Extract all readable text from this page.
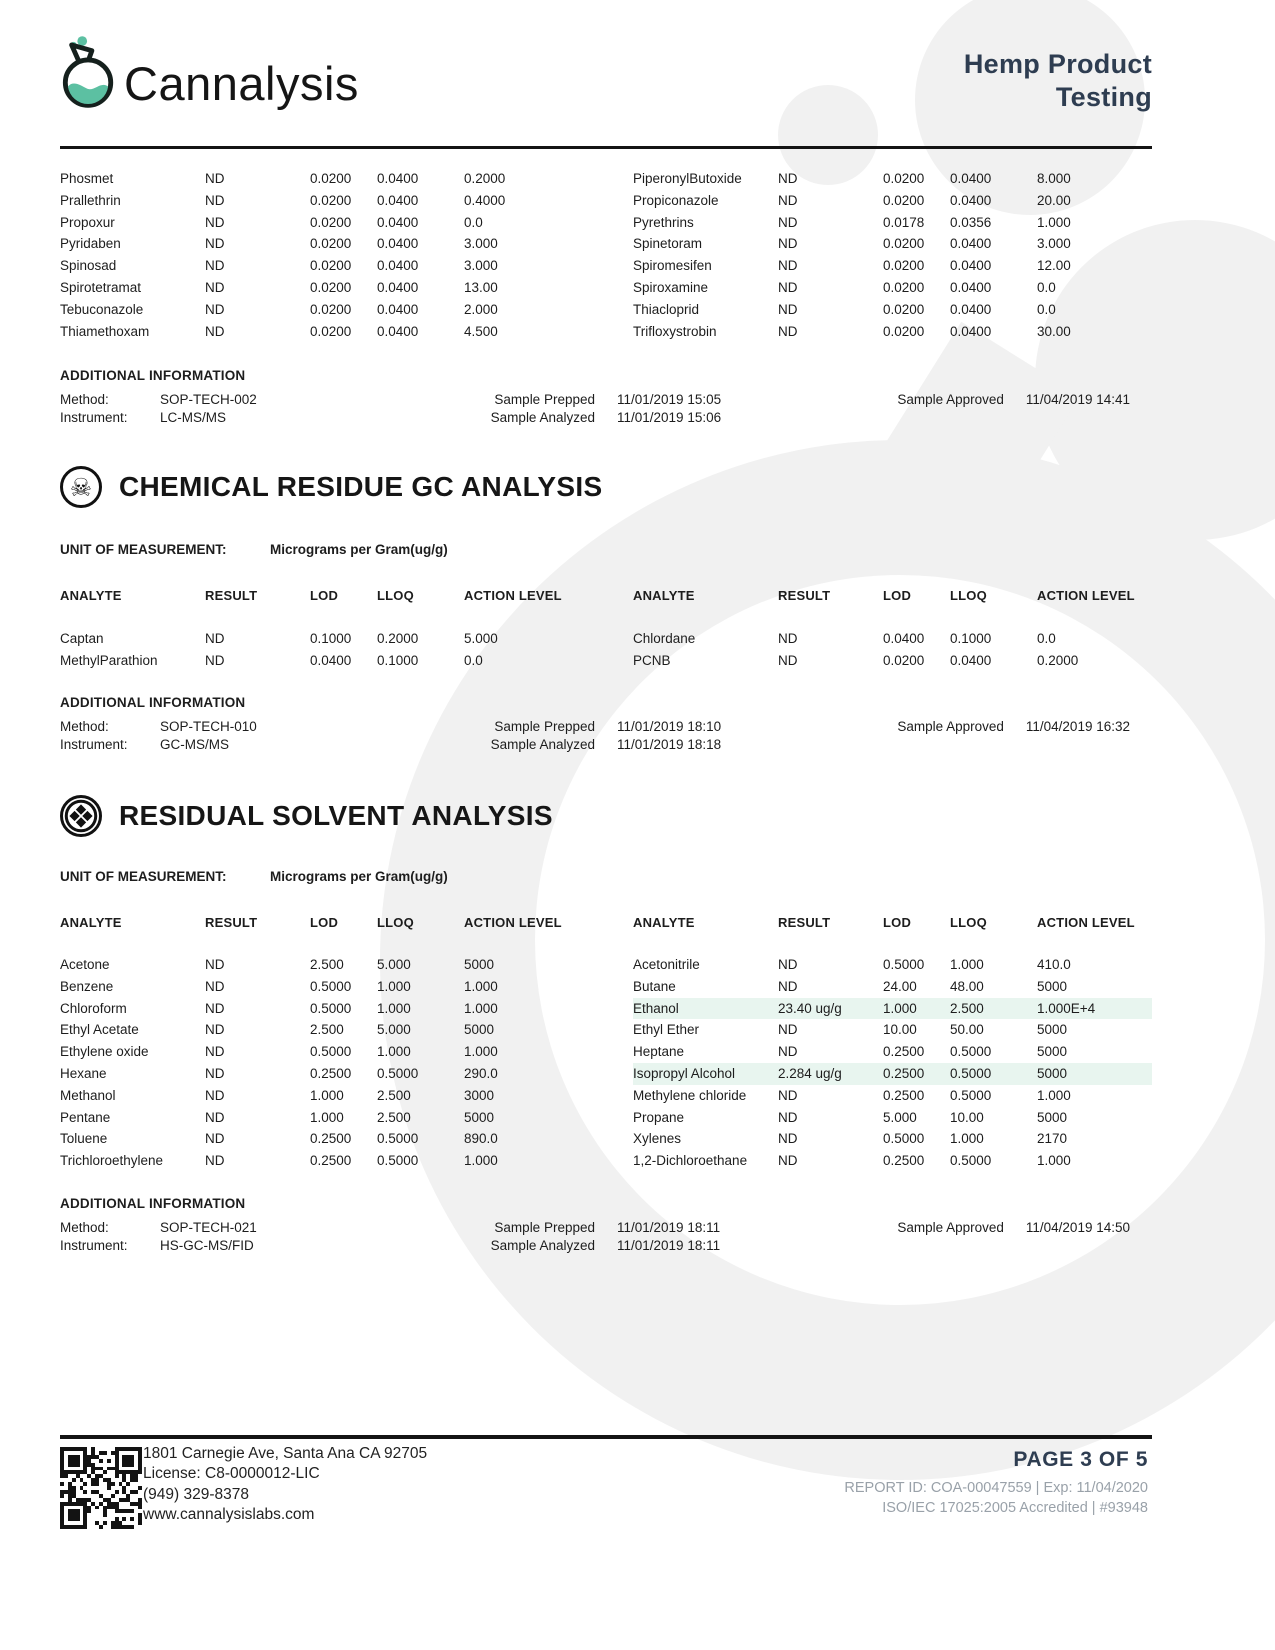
Cannalysis	Hemp Product
Testing
Phosmet	ND	0.0200	0.0400	0.2000
Prallethrin	ND	0.0200	0.0400	0.4000
Propoxur	ND	0.0200	0.0400	0.0
Pyridaben	ND	0.0200	0.0400	3.000
Spinosad	ND	0.0200	0.0400	3.000
Spirotetramat	ND	0.0200	0.0400	13.00
Tebuconazole	ND	0.0200	0.0400	2.000
Thiamethoxam	ND	0.0200	0.0400	4.500
PiperonylButoxide	ND	0.0200	0.0400	8.000
Propiconazole	ND	0.0200	0.0400	20.00
Pyrethrins	ND	0.0178	0.0356	1.000
Spinetoram	ND	0.0200	0.0400	3.000
Spiromesifen	ND	0.0200	0.0400	12.00
Spiroxamine	ND	0.0200	0.0400	0.0
Thiacloprid	ND	0.0200	0.0400	0.0
Trifloxystrobin	ND	0.0200	0.0400	30.00
ADDITIONAL INFORMATION
Method:	SOP-TECH-002
Instrument: LC-MS/MS
Sample Prepped 11/01/2019 15:05
Sample Analyzed 11/01/2019 15:06
Sample Approved 11/04/2019 14:41
☠ CHEMICAL RESIDUE GC ANALYSIS
UNIT OF MEASUREMENT:	Micrograms per Gram(ug/g)
ANALYTE	RESULT	LOD	LLOQ	ACTION LEVEL	ANALYTE	RESULT	LOD	LLOQ	ACTION LEVEL
Captan	ND	0.1000	0.2000	5.000
MethylParathion	ND	0.0400	0.1000	0.0
Chlordane	ND	0.0400	0.1000	0.0
PCNB	ND	0.0200	0.0400	0.2000
ADDITIONAL INFORMATION
Method:	SOP-TECH-010
Instrument: GC-MS/MS
Sample Prepped 11/01/2019 18:10
Sample Analyzed 11/01/2019 18:18
Sample Approved 11/04/2019 16:32
RESIDUAL SOLVENT ANALYSIS
UNIT OF MEASUREMENT:	Micrograms per Gram(ug/g)
ANALYTE	RESULT	LOD	LLOQ	ACTION LEVEL	ANALYTE	RESULT	LOD	LLOQ	ACTION LEVEL
Acetone	ND	2.500	5.000	5000
Benzene	ND	0.5000	1.000	1.000
Chloroform	ND	0.5000	1.000	1.000
Ethyl Acetate	ND	2.500	5.000	5000
Ethylene oxide	ND	0.5000	1.000	1.000
Hexane	ND	0.2500	0.5000	290.0
Methanol	ND	1.000	2.500	3000
Pentane	ND	1.000	2.500	5000
Toluene	ND	0.2500	0.5000	890.0
Trichloroethylene	ND	0.2500	0.5000	1.000
Acetonitrile	ND	0.5000	1.000	410.0
Butane	ND	24.00	48.00	5000
Ethanol	23.40 ug/g	1.000	2.500	1.000E+4
Ethyl Ether	ND	10.00	50.00	5000
Heptane	ND	0.2500	0.5000	5000
Isopropyl Alcohol	2.284 ug/g	0.2500	0.5000	5000
Methylene chloride	ND	0.2500	0.5000	1.000
Propane	ND	5.000	10.00	5000
Xylenes	ND	0.5000	1.000	2170
1,2-Dichloroethane	ND	0.2500	0.5000	1.000
ADDITIONAL INFORMATION
Method:	SOP-TECH-021
Instrument: HS-GC-MS/FID
Sample Prepped 11/01/2019 18:11
Sample Analyzed 11/01/2019 18:11
Sample Approved 11/04/2019 14:50
1801 Carnegie Ave, Santa Ana CA 92705
License: C8-0000012-LIC
(949) 329-8378
www.cannalysislabs.com
PAGE 3 OF 5
REPORT ID: COA-00047559 | Exp: 11/04/2020
ISO/IEC 17025:2005 Accredited | #93948
